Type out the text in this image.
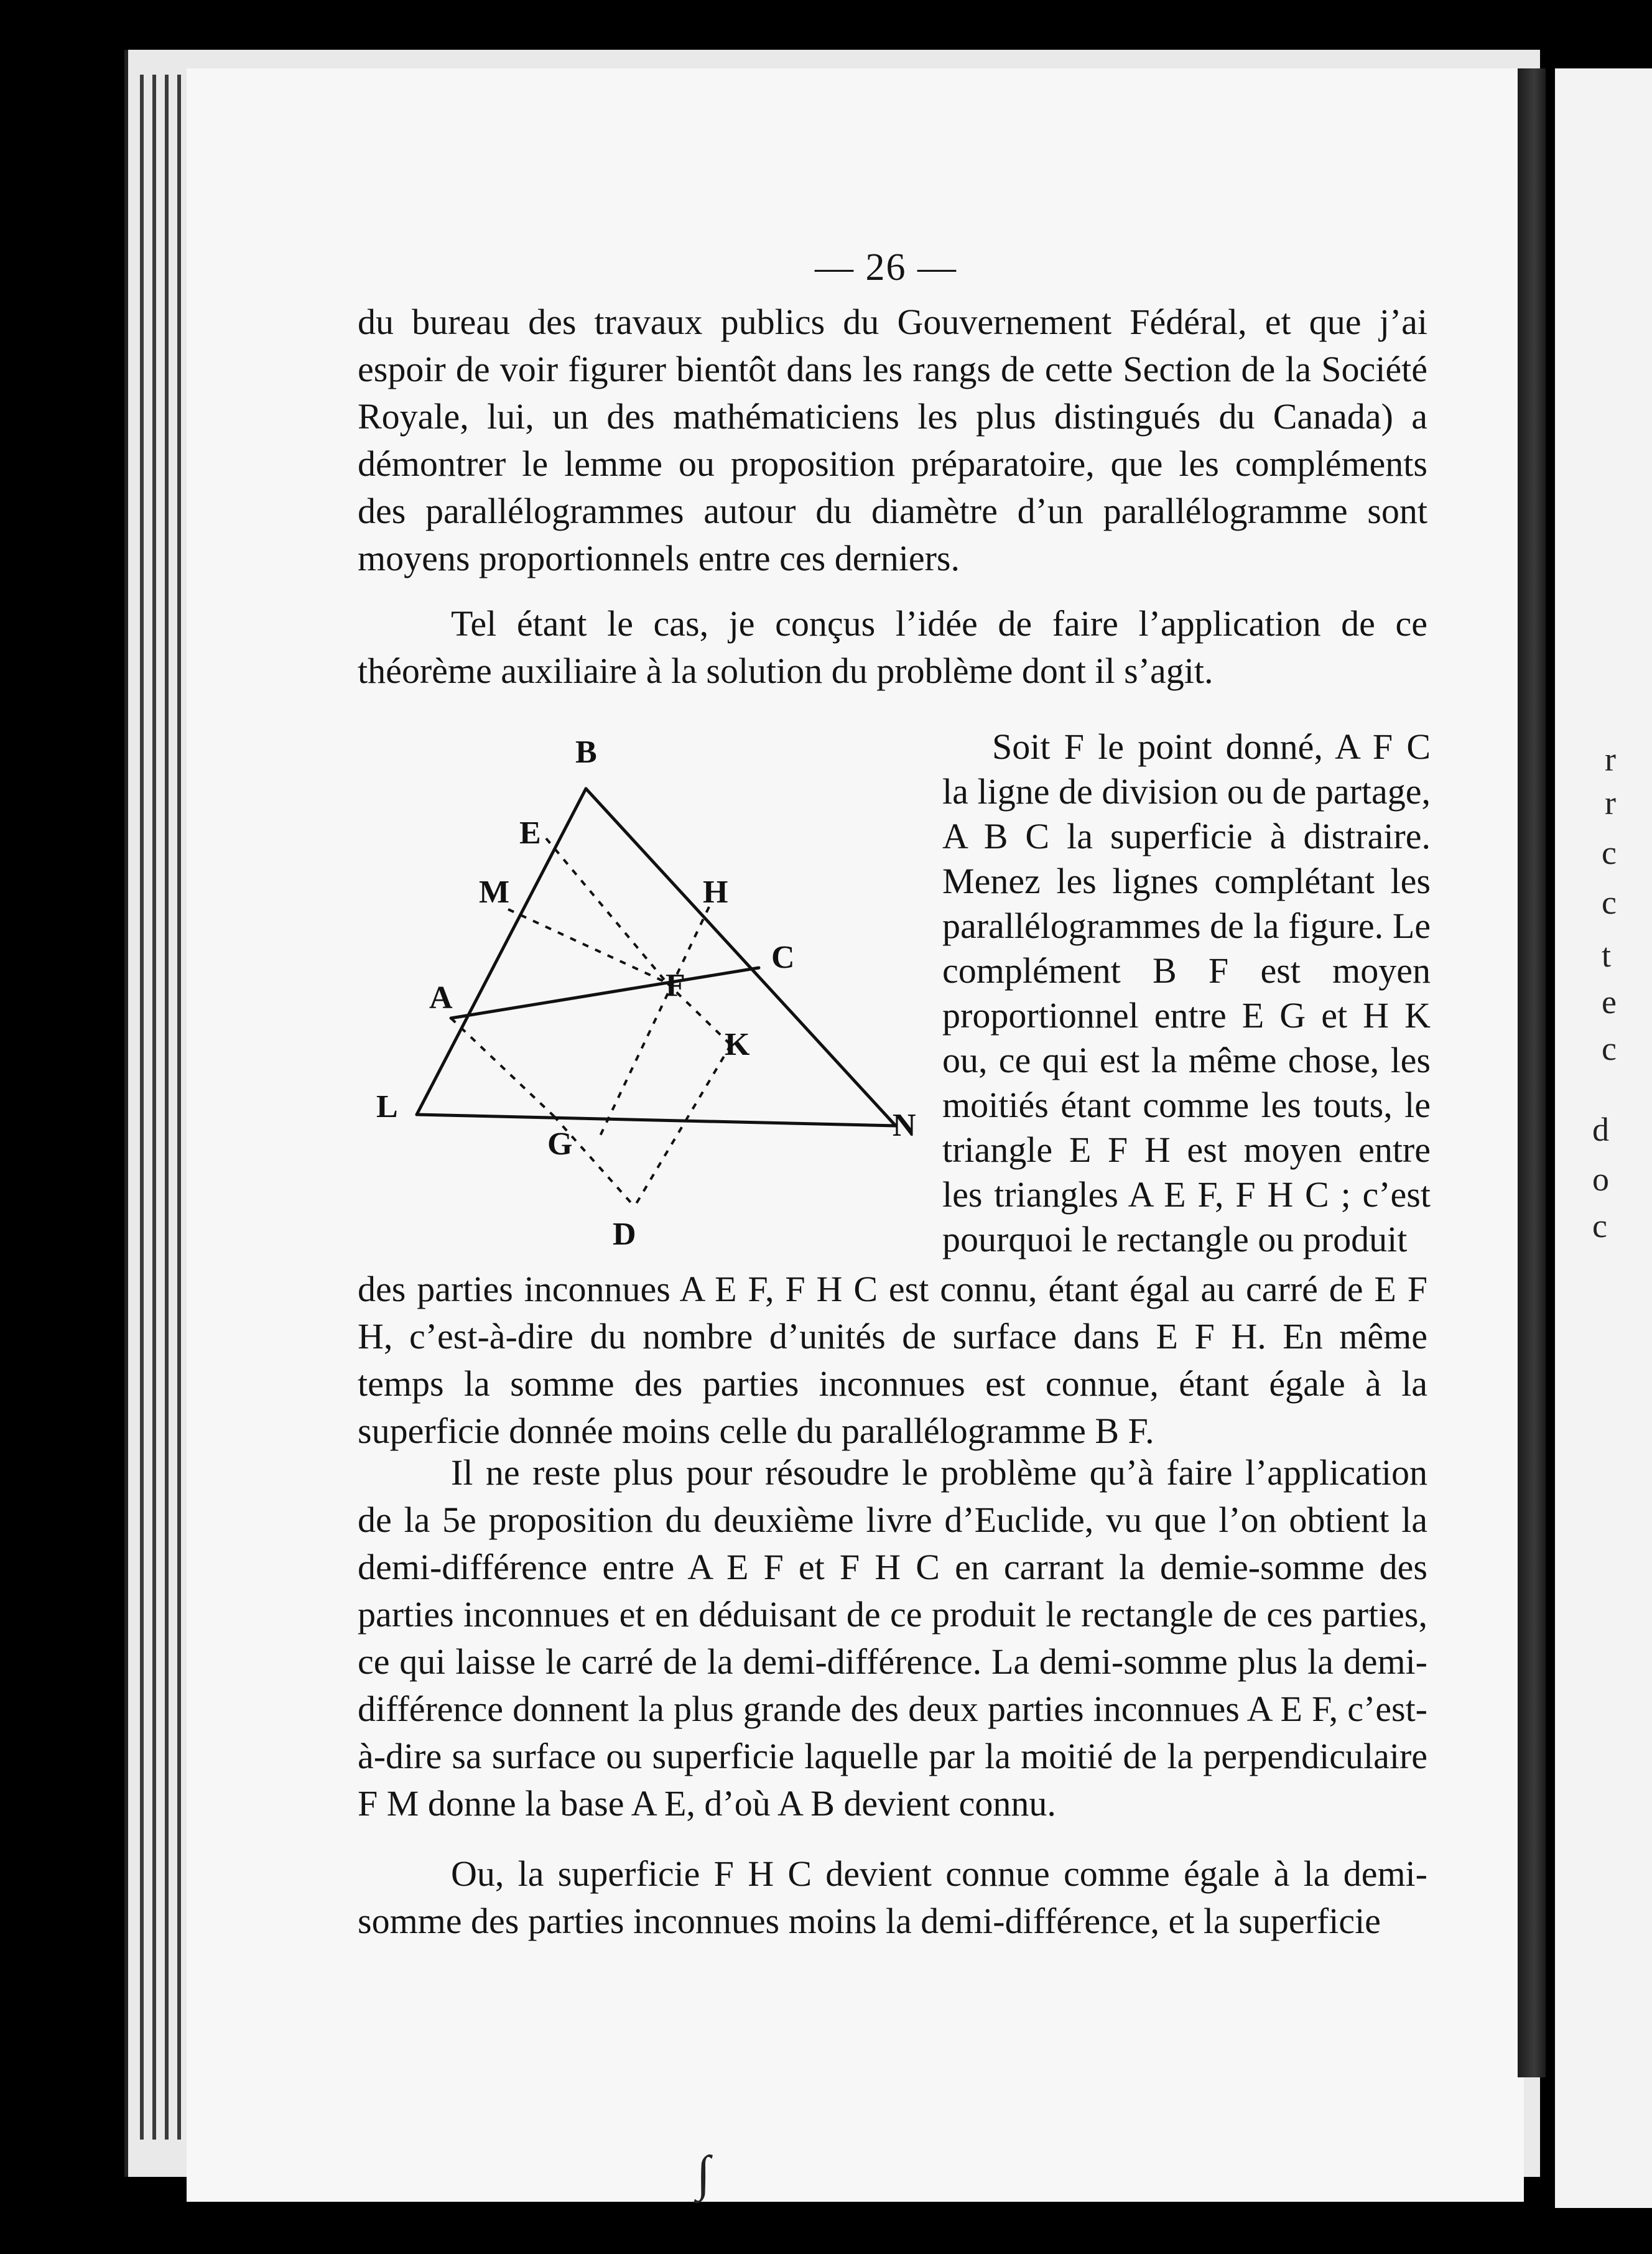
r
r
c
c
t
e
c
d
o
c
— 26 —

du bureau des travaux publics du Gouvernement Fédéral, et que j’ai espoir de voir figurer bientôt dans les rangs de cette Section de la Société Royale, lui, un des mathématiciens les plus distingués du Canada) a démontrer le lemme ou proposition préparatoire, que les compléments des parallélogrammes autour du diamètre d’un parallélogramme sont moyens proportionnels entre ces derniers.

Tel étant le cas, je conçus l’idée de faire l’application de ce théorème auxiliaire à la solution du problème dont il s’agit.

B
E
M	H
C
A	F
K
L
N
G
D

Soit F le point donné, A F C la ligne de division ou de partage, A B C la superficie à distraire. Menez les lignes complétant les parallélogrammes de la figure. Le complément B F est moyen proportionnel entre E G et H K ou, ce qui est la même chose, les moitiés étant comme les touts, le triangle E F H est moyen entre les triangles A E F, F H C ; c’est pourquoi le rectangle ou produit

des parties inconnues A E F, F H C est connu, étant égal au carré de E F H, c’est-à-dire du nombre d’unités de surface dans E F H. En même temps la somme des parties inconnues est connue, étant égale à la superficie donnée moins celle du parallélogramme B F.

Il ne reste plus pour résoudre le problème qu’à faire l’application de la 5e proposition du deuxième livre d’Euclide, vu que l’on obtient la demi-différence entre A E F et F H C en carrant la demie-somme des parties inconnues et en déduisant de ce produit le rectangle de ces parties, ce qui laisse le carré de la demi-différence. La demi-somme plus la demi-différence donnent la plus grande des deux parties inconnues A E F, c’est-à-dire sa surface ou superficie laquelle par la moitié de la perpendiculaire F M donne la base A E, d’où A B devient connu.

Ou, la superficie F H C devient connue comme égale à la demi-somme des parties inconnues moins la demi-différence, et la superficie

∫
